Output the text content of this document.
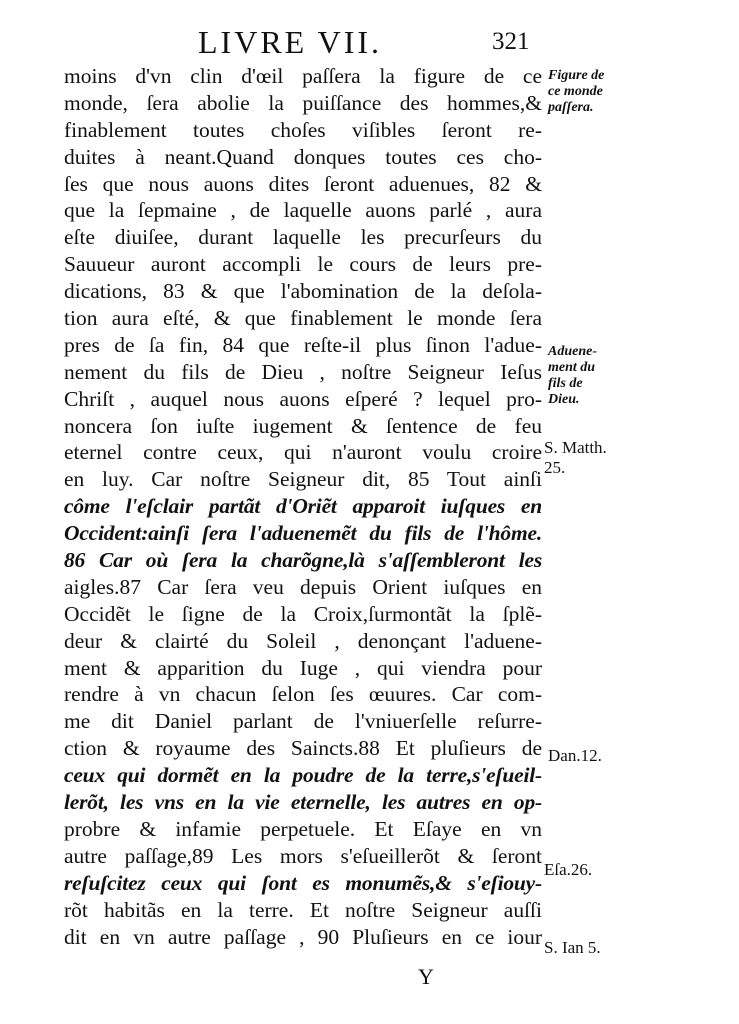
LIVRE VII.	321
moins d'vn clin d'œil paſſera la figure de ce
monde, ſera abolie la puiſſance des hommes,&
finablement toutes choſes viſibles ſeront re-
duites à neant.Quand donques toutes ces cho-
ſes que nous auons dites ſeront aduenues, 82 &
que la ſepmaine , de laquelle auons parlé , aura
eſte diuiſee, durant laquelle les precurſeurs du
Sauueur auront accompli le cours de leurs pre-
dications, 83 & que l'abomination de la deſola-
tion aura eſté, & que finablement le monde ſera
pres de ſa fin, 84 que reſte-il plus ſinon l'adue-
nement du fils de Dieu , noſtre Seigneur Ieſus
Chriſt , auquel nous auons eſperé ? lequel pro-
noncera ſon iuſte iugement & ſentence de feu
eternel contre ceux, qui n'auront voulu croire
en luy. Car noſtre Seigneur dit, 85 Tout ainſi
côme l'eſclair partãt d'Oriẽt apparoit iuſques en
Occident:ainſi ſera l'aduenemẽt du fils de l'hôme.
86 Car où ſera la charõgne,là s'aſſembleront les
aigles.87 Car ſera veu depuis Orient iuſques en
Occidẽt le ſigne de la Croix,ſurmontãt la ſplẽ-
deur & clairté du Soleil , denonçant l'aduene-
ment & apparition du Iuge , qui viendra pour
rendre à vn chacun ſelon ſes œuures. Car com-
me dit Daniel parlant de l'vniuerſelle reſurre-
ction & royaume des Saincts.88 Et pluſieurs de
ceux qui dormẽt en la poudre de la terre,s'eſueil-
lerõt, les vns en la vie eternelle, les autres en op-
probre & infamie perpetuele. Et Eſaye en vn
autre paſſage,89 Les mors s'eſueillerõt & ſeront
reſuſcitez ceux qui ſont es monumẽs,& s'eſiouy-
rõt habitãs en la terre. Et noſtre Seigneur auſſi
dit en vn autre paſſage , 90 Pluſieurs en ce iour
Figure de
ce monde
paſſera.
Aduene-
ment du
fils de
Dieu.
S. Matth.
25.
Dan.12.
Eſa.26.
S. Ian 5.
Y
